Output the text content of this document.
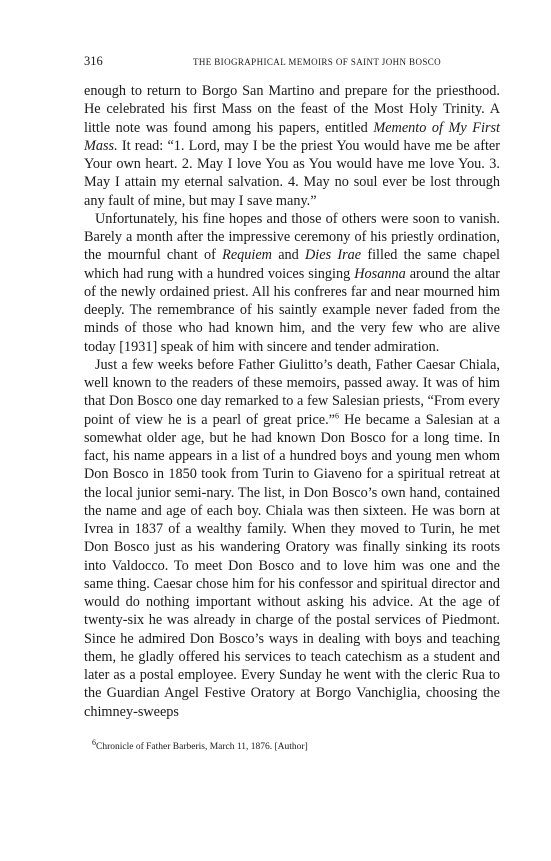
316	THE BIOGRAPHICAL MEMOIRS OF SAINT JOHN BOSCO

enough to return to Borgo San Martino and prepare for the priesthood. He celebrated his first Mass on the feast of the Most Holy Trinity. A little note was found among his papers, entitled Memento of My First Mass. It read: “1. Lord, may I be the priest You would have me be after Your own heart. 2. May I love You as You would have me love You. 3. May I attain my eternal salvation. 4. May no soul ever be lost through any fault of mine, but may I save many.”

Unfortunately, his fine hopes and those of others were soon to vanish. Barely a month after the impressive ceremony of his priestly ordination, the mournful chant of Requiem and Dies Irae filled the same chapel which had rung with a hundred voices singing Hosanna around the altar of the newly ordained priest. All his confreres far and near mourned him deeply. The remembrance of his saintly example never faded from the minds of those who had known him, and the very few who are alive today [1931] speak of him with sincere and tender admiration.

Just a few weeks before Father Giulitto’s death, Father Caesar Chiala, well known to the readers of these memoirs, passed away. It was of him that Don Bosco one day remarked to a few Salesian priests, “From every point of view he is a pearl of great price.”$^6$ He became a Salesian at a somewhat older age, but he had known Don Bosco for a long time. In fact, his name appears in a list of a hundred boys and young men whom Don Bosco in 1850 took from Turin to Giaveno for a spiritual retreat at the local junior semi-nary. The list, in Don Bosco’s own hand, contained the name and age of each boy. Chiala was then sixteen. He was born at Ivrea in 1837 of a wealthy family. When they moved to Turin, he met Don Bosco just as his wandering Oratory was finally sinking its roots into Valdocco. To meet Don Bosco and to love him was one and the same thing. Caesar chose him for his confessor and spiritual director and would do nothing important without asking his advice. At the age of twenty-six he was already in charge of the postal services of Piedmont. Since he admired Don Bosco’s ways in dealing with boys and teaching them, he gladly offered his services to teach catechism as a student and later as a postal employee. Every Sunday he went with the cleric Rua to the Guardian Angel Festive Oratory at Borgo Vanchiglia, choosing the chimney-sweeps

$^6$Chronicle of Father Barberis, March 11, 1876. [Author]
